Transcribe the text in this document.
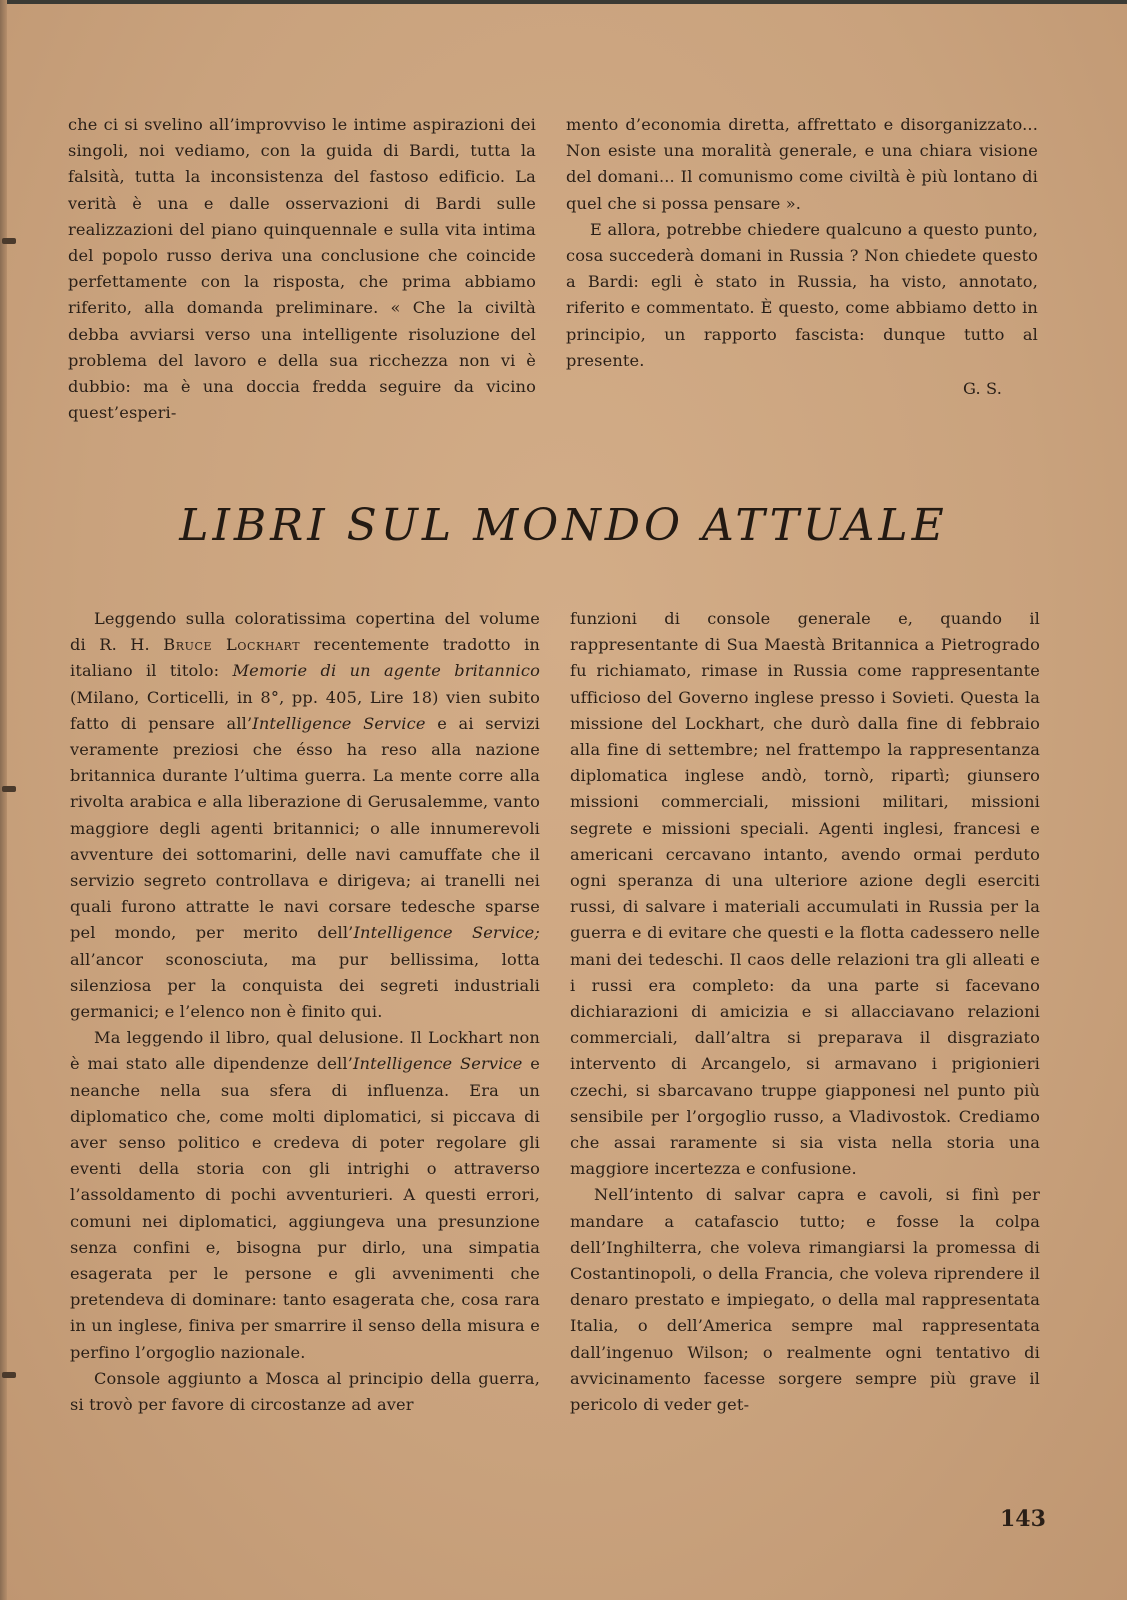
che ci si svelino all’improvviso le intime aspirazioni dei singoli, noi vediamo, con la guida di Bardi, tutta la falsità, tutta la inconsistenza del fastoso edificio. La verità è una e dalle osservazioni di Bardi sulle realizzazioni del piano quinquennale e sulla vita intima del popolo russo deriva una conclusione che coincide perfettamente con la risposta, che prima abbiamo riferito, alla domanda preliminare. « Che la civiltà debba avviarsi verso una intelligente risoluzione del problema del lavoro e della sua ricchezza non vi è dubbio: ma è una doccia fredda seguire da vicino quest’esperi-

mento d’economia diretta, affrettato e disorganizzato... Non esiste una moralità generale, e una chiara visione del domani... Il comunismo come civiltà è più lontano di quel che si possa pensare ».

E allora, potrebbe chiedere qualcuno a questo punto, cosa succederà domani in Russia ? Non chiedete questo a Bardi: egli è stato in Russia, ha visto, annotato, riferito e commentato. È questo, come abbiamo detto in principio, un rapporto fascista: dunque tutto al presente.

G. S.

LIBRI SUL MONDO ATTUALE

Leggendo sulla coloratissima copertina del volume di R. H. Bruce Lockhart recentemente tradotto in italiano il titolo: Memorie di un agente britannico (Milano, Corticelli, in 8°, pp. 405, Lire 18) vien subito fatto di pensare all’Intelligence Service e ai servizi veramente preziosi che ésso ha reso alla nazione britannica durante l’ultima guerra. La mente corre alla rivolta arabica e alla liberazione di Gerusalemme, vanto maggiore degli agenti britannici; o alle innumerevoli avventure dei sottomarini, delle navi camuffate che il servizio segreto controllava e dirigeva; ai tranelli nei quali furono attratte le navi corsare tedesche sparse pel mondo, per merito dell’Intelligence Service; all’ancor sconosciuta, ma pur bellissima, lotta silenziosa per la conquista dei segreti industriali germanici; e l’elenco non è finito qui.

Ma leggendo il libro, qual delusione. Il Lockhart non è mai stato alle dipendenze dell’Intelligence Service e neanche nella sua sfera di influenza. Era un diplomatico che, come molti diplomatici, si piccava di aver senso politico e credeva di poter regolare gli eventi della storia con gli intrighi o attraverso l’assoldamento di pochi avventurieri. A questi errori, comuni nei diplomatici, aggiungeva una presunzione senza confini e, bisogna pur dirlo, una simpatia esagerata per le persone e gli avvenimenti che pretendeva di dominare: tanto esagerata che, cosa rara in un inglese, finiva per smarrire il senso della misura e perfino l’orgoglio nazionale.

Console aggiunto a Mosca al principio della guerra, si trovò per favore di circostanze ad aver

funzioni di console generale e, quando il rappresentante di Sua Maestà Britannica a Pietrogrado fu richiamato, rimase in Russia come rappresentante ufficioso del Governo inglese presso i Sovieti. Questa la missione del Lockhart, che durò dalla fine di febbraio alla fine di settembre; nel frattempo la rappresentanza diplomatica inglese andò, tornò, ripartì; giunsero missioni commerciali, missioni militari, missioni segrete e missioni speciali. Agenti inglesi, francesi e americani cercavano intanto, avendo ormai perduto ogni speranza di una ulteriore azione degli eserciti russi, di salvare i materiali accumulati in Russia per la guerra e di evitare che questi e la flotta cadessero nelle mani dei tedeschi. Il caos delle relazioni tra gli alleati e i russi era completo: da una parte si facevano dichiarazioni di amicizia e si allacciavano relazioni commerciali, dall’altra si preparava il disgraziato intervento di Arcangelo, si armavano i prigionieri czechi, si sbarcavano truppe giapponesi nel punto più sensibile per l’orgoglio russo, a Vladivostok. Crediamo che assai raramente si sia vista nella storia una maggiore incertezza e confusione.

Nell’intento di salvar capra e cavoli, si finì per mandare a catafascio tutto; e fosse la colpa dell’Inghilterra, che voleva rimangiarsi la promessa di Costantinopoli, o della Francia, che voleva riprendere il denaro prestato e impiegato, o della mal rappresentata Italia, o dell’America sempre mal rappresentata dall’ingenuo Wilson; o realmente ogni tentativo di avvicinamento facesse sorgere sempre più grave il pericolo di veder get-

143
